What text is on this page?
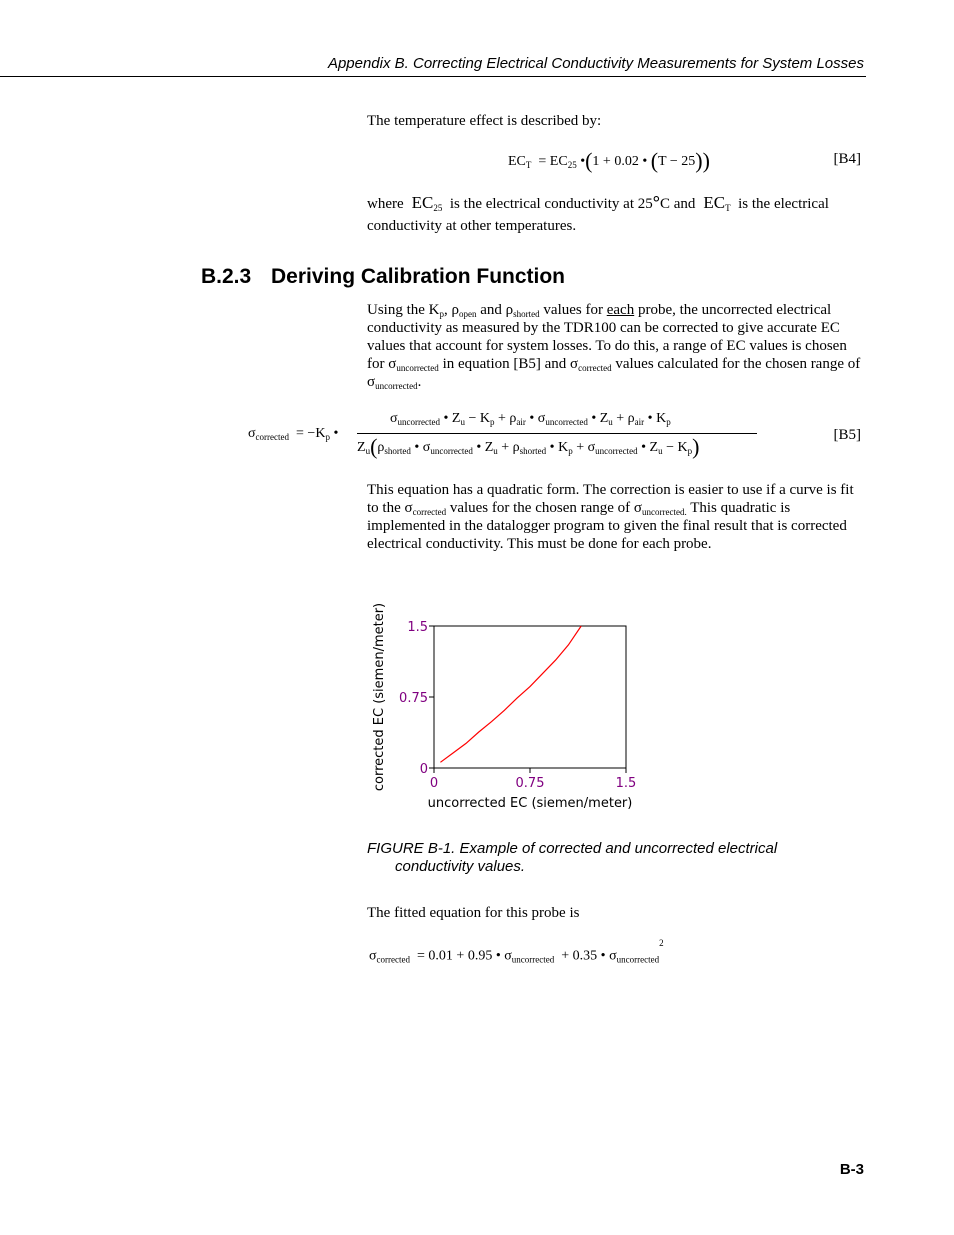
Appendix B. Correcting Electrical Conductivity Measurements for System Losses
The temperature effect is described by:
$EC_T = EC_{25}$ •(1 + 0.02 • (T − 25))	[B4]
where  $EC_{25}$ is the electrical conductivity at 25°C and  $EC_T$ is the electrical
conductivity at other temperatures.
B.2.3 Deriving Calibration Function
Using the $K_p$, $\rho_{open}$ and $\rho_{shorted}$ values for each probe, the uncorrected electrical conductivity as measured by the TDR100 can be corrected to give accurate EC values that account for system losses. To do this, a range of EC values is chosen for $\sigma_{uncorrected}$ in equation [B5] and $\sigma_{corrected}$ values calculated for the chosen range of $\sigma_{uncorrected}$.
$\sigma_{corrected} = -K_p$ •
$\sigma_{uncorrected}$ • $Z_u - K_p + \rho_{air}$ • $\sigma_{uncorrected}$ • $Z_u + \rho_{air}$ • $K_p$
$Z_u(\rho_{shorted}$ • $\sigma_{uncorrected}$ • $Z_u + \rho_{shorted}$ • $K_p + \sigma_{uncorrected}$ • $Z_u - K_p$)	[B5]
This equation has a quadratic form. The correction is easier to use if a curve is fit to the $\sigma_{corrected}$ values for the chosen range of $\sigma_{uncorrected.}$ This quadratic is implemented in the datalogger program to given the final result that is corrected electrical conductivity. This must be done for each probe.
0
0.75
1.5
0	0.75	1.5
corrected EC (siemen/meter)
uncorrected EC (siemen/meter)
FIGURE B-1. Example of corrected and uncorrected electrical
conductivity values.
The fitted equation for this probe is
$\sigma_{corrected} = 0.01 + 0.95$ • $\sigma_{uncorrected} + 0.35$ • $\sigma_{uncorrected}^2$
B-3
